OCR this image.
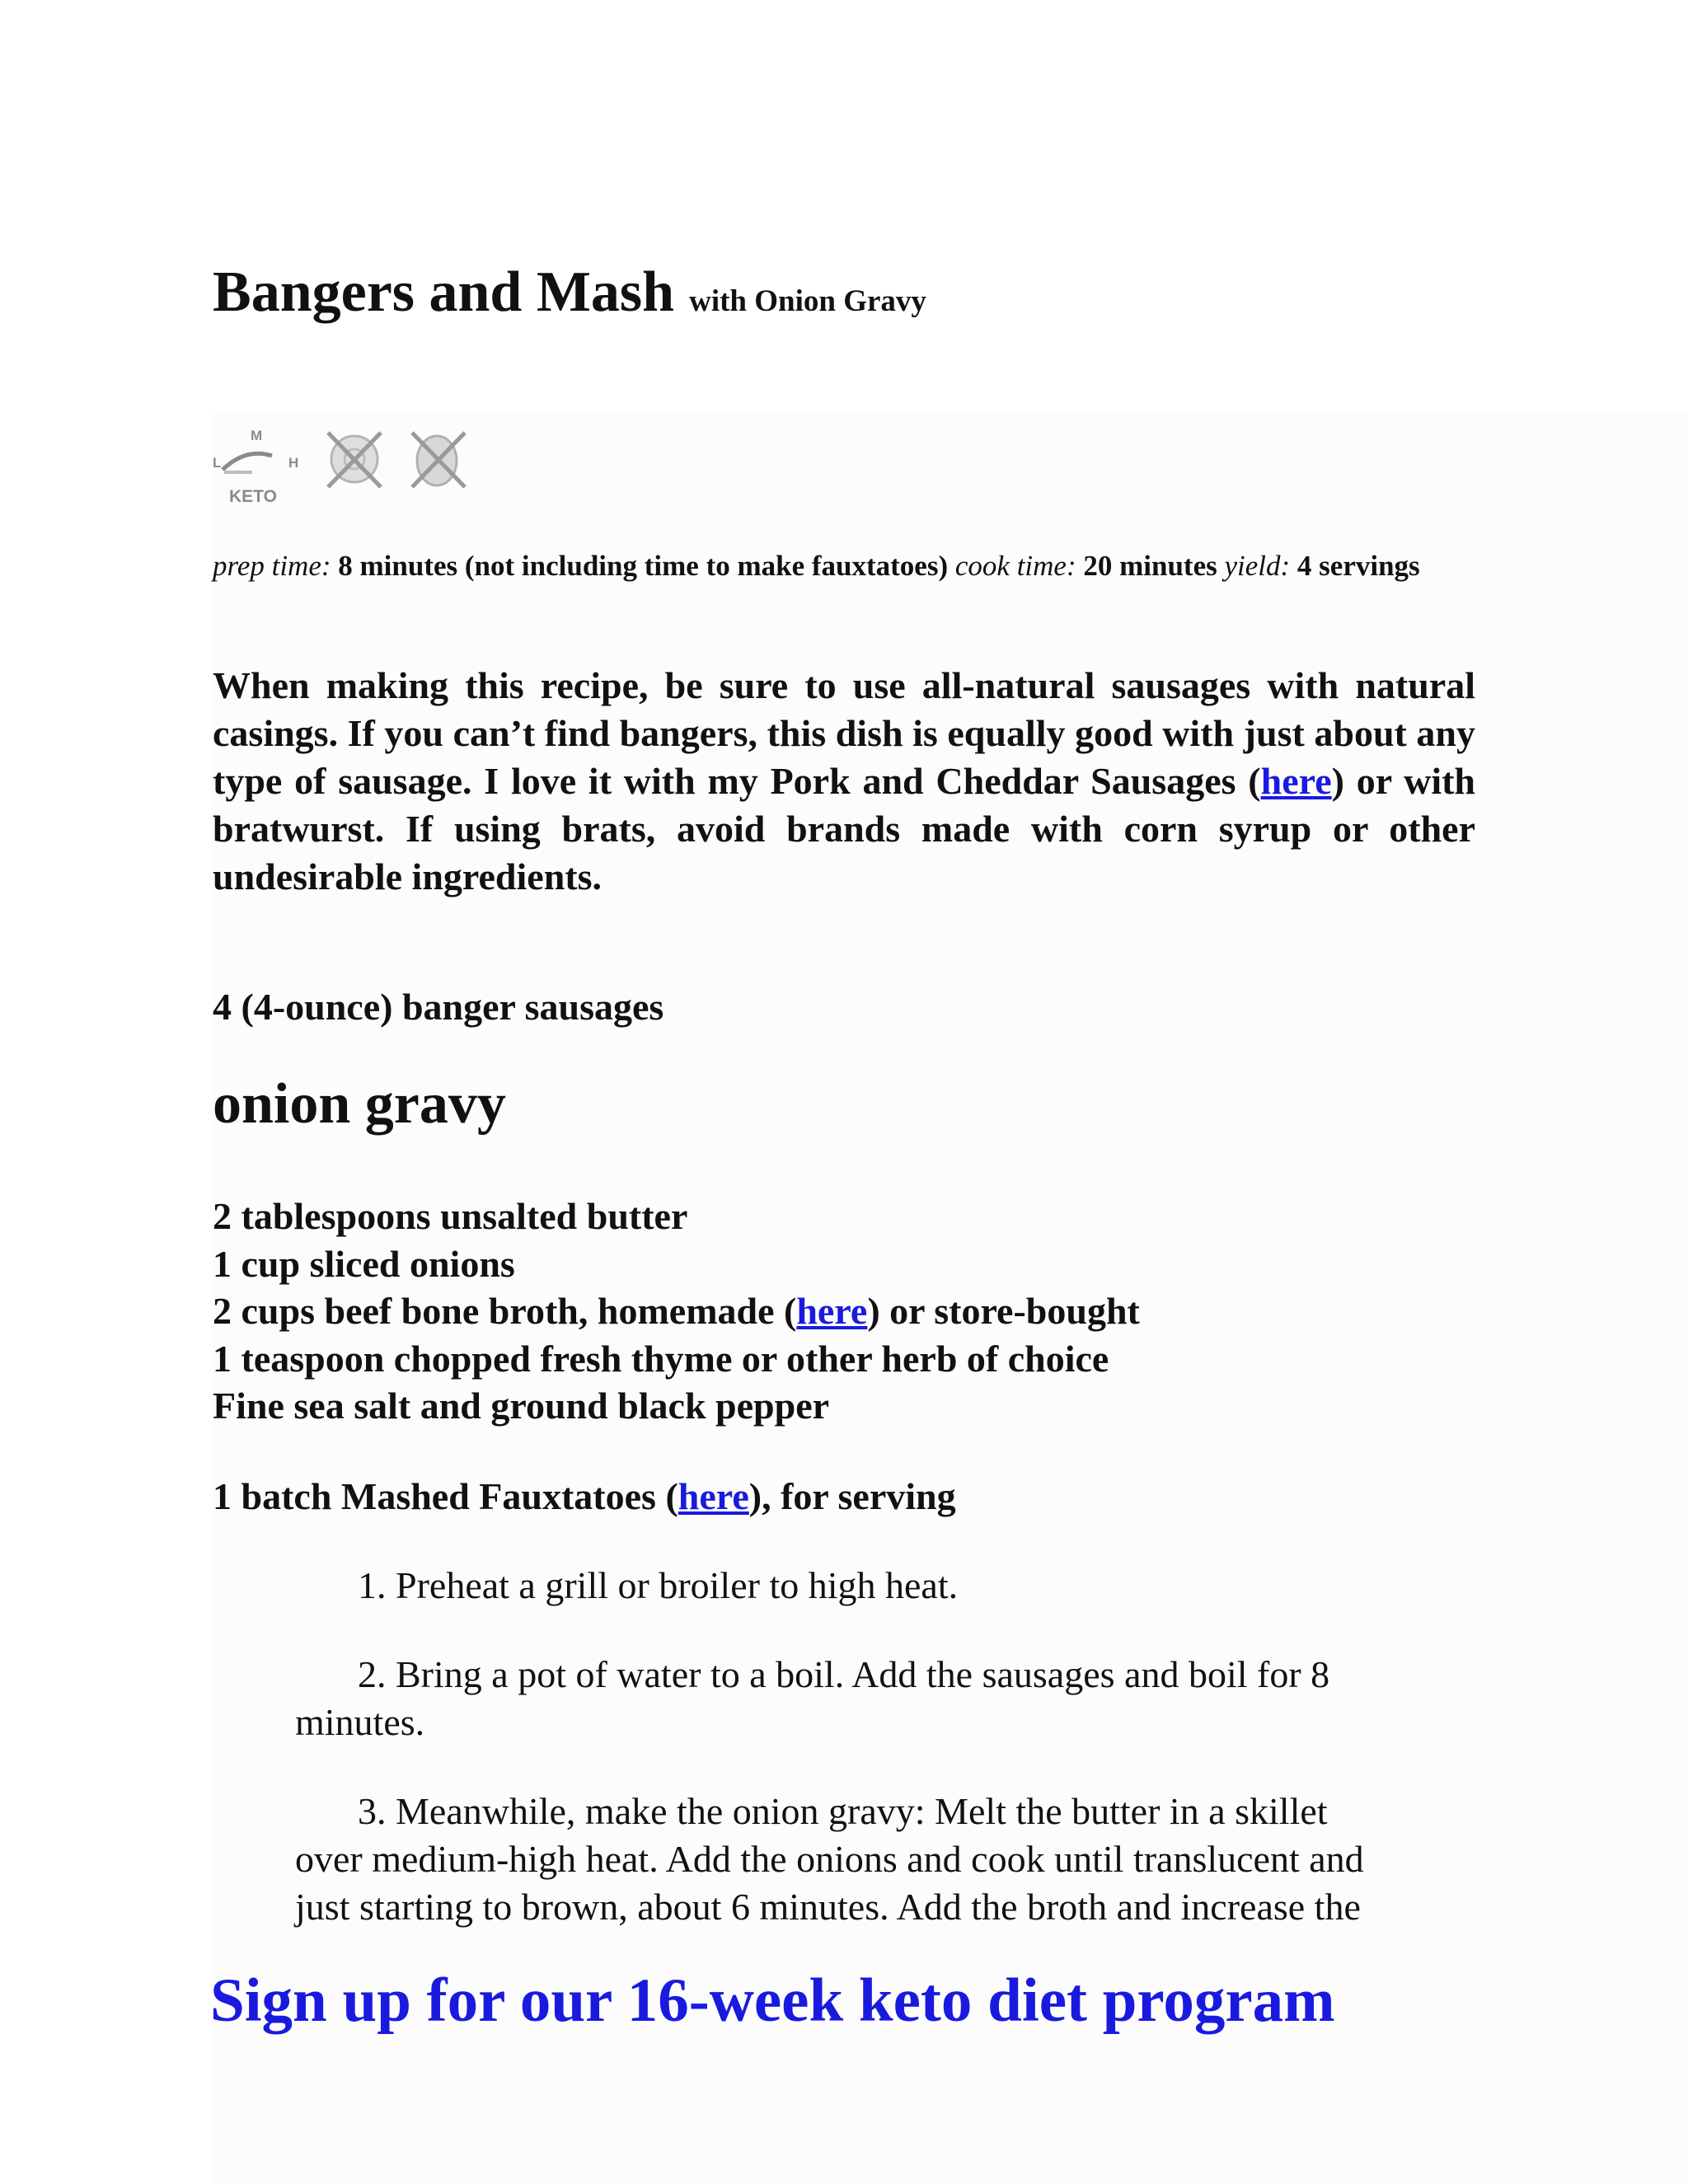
Bangers and Mash with Onion Gravy
M
L	H
KETO
prep time: 8 minutes (not including time to make fauxtatoes) cook time: 20 minutes yield: 4 servings

When making this recipe, be sure to use all-natural sausages with natural casings. If you can’t find bangers, this dish is equally good with just about any type of sausage. I love it with my Pork and Cheddar Sausages (here) or with bratwurst. If using brats, avoid brands made with corn syrup or other undesirable ingredients.

4 (4-ounce) banger sausages

onion gravy
2 tablespoons unsalted butter
1 cup sliced onions
2 cups beef bone broth, homemade (here) or store-bought
1 teaspoon chopped fresh thyme or other herb of choice
Fine sea salt and ground black pepper

1 batch Mashed Fauxtatoes (here), for serving

1. Preheat a grill or broiler to high heat.
2. Bring a pot of water to a boil. Add the sausages and boil for 8
minutes.
3. Meanwhile, make the onion gravy: Melt the butter in a skillet
over medium-high heat. Add the onions and cook until translucent and
just starting to brown, about 6 minutes. Add the broth and increase the

Sign up for our 16-week keto diet program
